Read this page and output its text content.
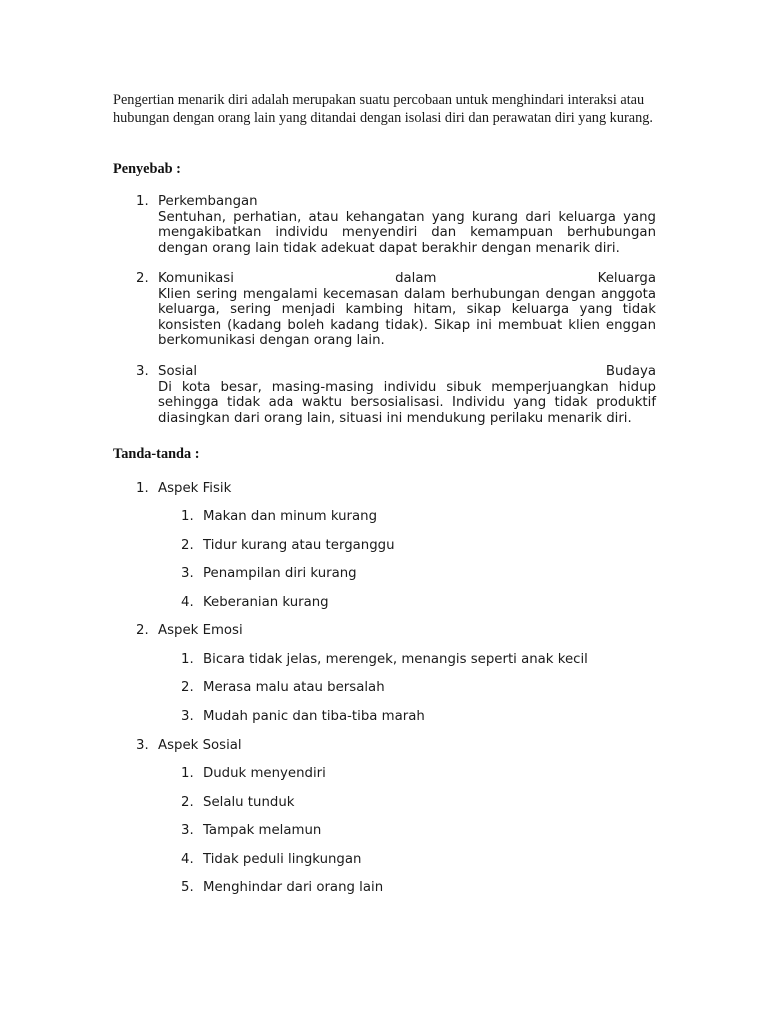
Pengertian menarik diri adalah merupakan suatu percobaan untuk menghindari interaksi atau hubungan dengan orang lain yang ditandai dengan isolasi diri dan perawatan diri yang kurang.

Penyebab :

1. Perkembangan
Sentuhan, perhatian, atau kehangatan yang kurang dari keluarga yang mengakibatkan individu menyendiri dan kemampuan berhubungan dengan orang lain tidak adekuat dapat berakhir dengan menarik diri.
2. Komunikasi	dalam	Keluarga
Klien sering mengalami kecemasan dalam berhubungan dengan anggota keluarga, sering menjadi kambing hitam, sikap keluarga yang tidak konsisten (kadang boleh kadang tidak). Sikap ini membuat klien enggan berkomunikasi dengan orang lain.
3. Sosial	Budaya
Di kota besar, masing-masing individu sibuk memperjuangkan hidup sehingga tidak ada waktu bersosialisasi. Individu yang tidak produktif diasingkan dari orang lain, situasi ini mendukung perilaku menarik diri.

Tanda-tanda :

1. Aspek Fisik
1. Makan dan minum kurang
2. Tidur kurang atau terganggu
3. Penampilan diri kurang
4. Keberanian kurang
2. Aspek Emosi
1. Bicara tidak jelas, merengek, menangis seperti anak kecil
2. Merasa malu atau bersalah
3. Mudah panic dan tiba-tiba marah
3. Aspek Sosial
1. Duduk menyendiri
2. Selalu tunduk
3. Tampak melamun
4. Tidak peduli lingkungan
5. Menghindar dari orang lain
